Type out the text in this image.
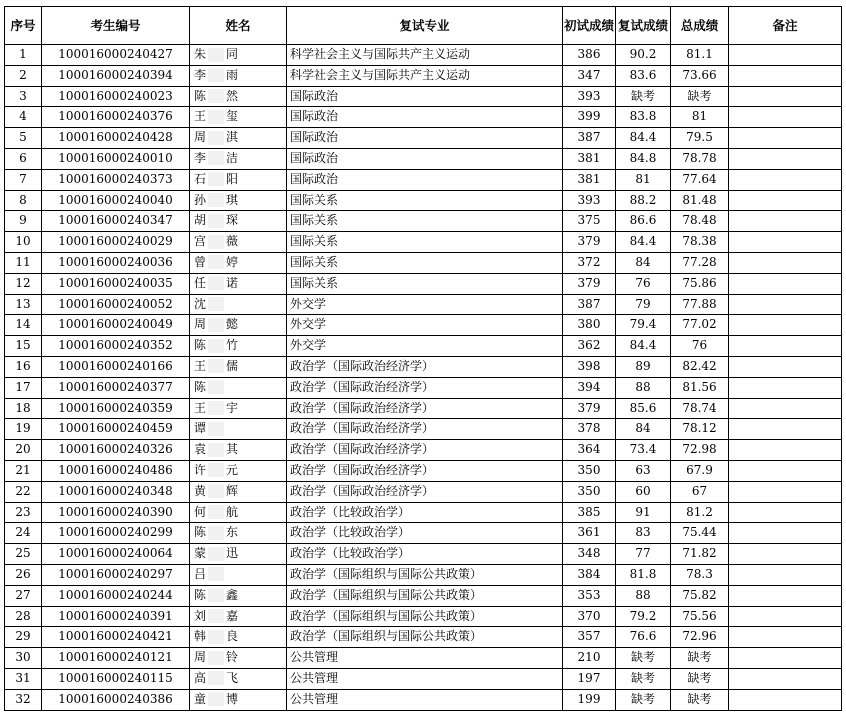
序号	考生编号	姓名	复试专业	初试成绩	复试成绩	总成绩	备注
1	100016000240427	朱 同	科学社会主义与国际共产主义运动	386	90.2	81.1	
2	100016000240394	李 雨	科学社会主义与国际共产主义运动	347	83.6	73.66	
3	100016000240023	陈 然	国际政治	393	缺考	缺考	
4	100016000240376	王 玺	国际政治	399	83.8	81	
5	100016000240428	周 淇	国际政治	387	84.4	79.5	
6	100016000240010	李 洁	国际政治	381	84.8	78.78	
7	100016000240373	石 阳	国际政治	381	81	77.64	
8	100016000240040	孙 琪	国际关系	393	88.2	81.48	
9	100016000240347	胡 琛	国际关系	375	86.6	78.48	
10	100016000240029	宫 薇	国际关系	379	84.4	78.38	
11	100016000240036	曾 婷	国际关系	372	84	77.28	
12	100016000240035	任 诺	国际关系	379	76	75.86	
13	100016000240052	沈	外交学	387	79	77.88	
14	100016000240049	周 懿	外交学	380	79.4	77.02	
15	100016000240352	陈 竹	外交学	362	84.4	76	
16	100016000240166	王 儒	政治学（国际政治经济学）	398	89	82.42	
17	100016000240377	陈	政治学（国际政治经济学）	394	88	81.56	
18	100016000240359	王 宇	政治学（国际政治经济学）	379	85.6	78.74	
19	100016000240459	谭	政治学（国际政治经济学）	378	84	78.12	
20	100016000240326	袁 其	政治学（国际政治经济学）	364	73.4	72.98	
21	100016000240486	许 元	政治学（国际政治经济学）	350	63	67.9	
22	100016000240348	黄 辉	政治学（国际政治经济学）	350	60	67	
23	100016000240390	何 航	政治学（比较政治学）	385	91	81.2	
24	100016000240299	陈 东	政治学（比较政治学）	361	83	75.44	
25	100016000240064	蒙 迅	政治学（比较政治学）	348	77	71.82	
26	100016000240297	吕	政治学（国际组织与国际公共政策）	384	81.8	78.3	
27	100016000240244	陈 鑫	政治学（国际组织与国际公共政策）	353	88	75.82	
28	100016000240391	刘 嘉	政治学（国际组织与国际公共政策）	370	79.2	75.56	
29	100016000240421	韩 良	政治学（国际组织与国际公共政策）	357	76.6	72.96	
30	100016000240121	周 铃	公共管理	210	缺考	缺考	
31	100016000240115	高 飞	公共管理	197	缺考	缺考	
32	100016000240386	童 博	公共管理	199	缺考	缺考	
